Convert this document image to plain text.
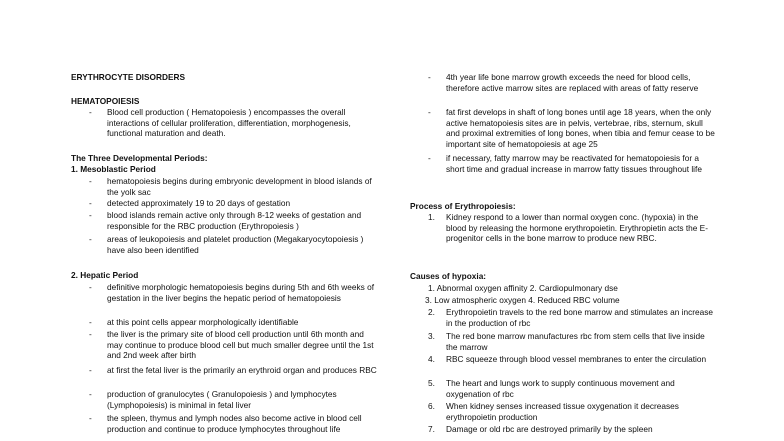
ERYTHROCYTE DISORDERS
HEMATOPOIESIS
- Blood cell production ( Hematopoiesis ) encompasses the overall interactions of cellular proliferation, differentiation, morphogenesis, functional maturation and death.
The Three Developmental Periods:
1. Mesoblastic Period
- hematopoiesis begins during embryonic development in blood islands of the yolk sac
- detected approximately 19 to 20 days of gestation
- blood islands remain active only through 8-12 weeks of gestation and responsible for the RBC production (Erythropoiesis )
- areas of leukopoiesis and platelet production (Megakaryocytopoiesis ) have also been identified
2. Hepatic Period
- definitive morphologic hematopoiesis begins during 5th and 6th weeks of gestation in the liver begins the hepatic period of hematopoiesis
- at this point cells appear morphologically identifiable
- the liver is the primary site of blood cell production until 6th month and may continue to produce blood cell but much smaller degree until the 1st and 2nd week after birth
- at first the fetal liver is the primarily an erythroid organ and produces RBC
- production of granulocytes ( Granulopoiesis ) and lymphocytes (Lymphopoiesis) is minimal in fetal liver
- the spleen, thymus and lymph nodes also become active in blood cell production and continue to produce lymphocytes throughout life
- 4th year life bone marrow growth exceeds the need for blood cells, therefore active marrow sites are replaced with areas of fatty reserve
- fat first develops in shaft of long bones until age 18 years, when the only active hematopoiesis sites are in pelvis, vertebrae, ribs, sternum, skull and proximal extremities of long bones, when tibia and femur cease to be important site of hematopoiesis at age 25
- if necessary, fatty marrow may be reactivated for hematopoiesis for a short time and gradual increase in marrow fatty tissues throughout life
Process of Erythropoiesis:
1. Kidney respond to a lower than normal oxygen conc. (hypoxia) in the blood by releasing the hormone erythropoietin. Erythropietin acts the E-progenitor cells in the bone marrow to produce new RBC.
Causes of hypoxia:
1. Abnormal oxygen affinity 2. Cardiopulmonary dse
3. Low atmospheric oxygen 4. Reduced RBC volume
2. Erythropoietin travels to the red bone marrow and stimulates an increase in the production of rbc
3. The red bone marrow manufactures rbc from stem cells that live inside the marrow
4. RBC squeeze through blood vessel membranes to enter the circulation
5. The heart and lungs work to supply continuous movement and oxygenation of rbc
6. When kidney senses increased tissue oxygenation it decreases erythropoietin production
7. Damage or old rbc are destroyed primarily by the spleen
